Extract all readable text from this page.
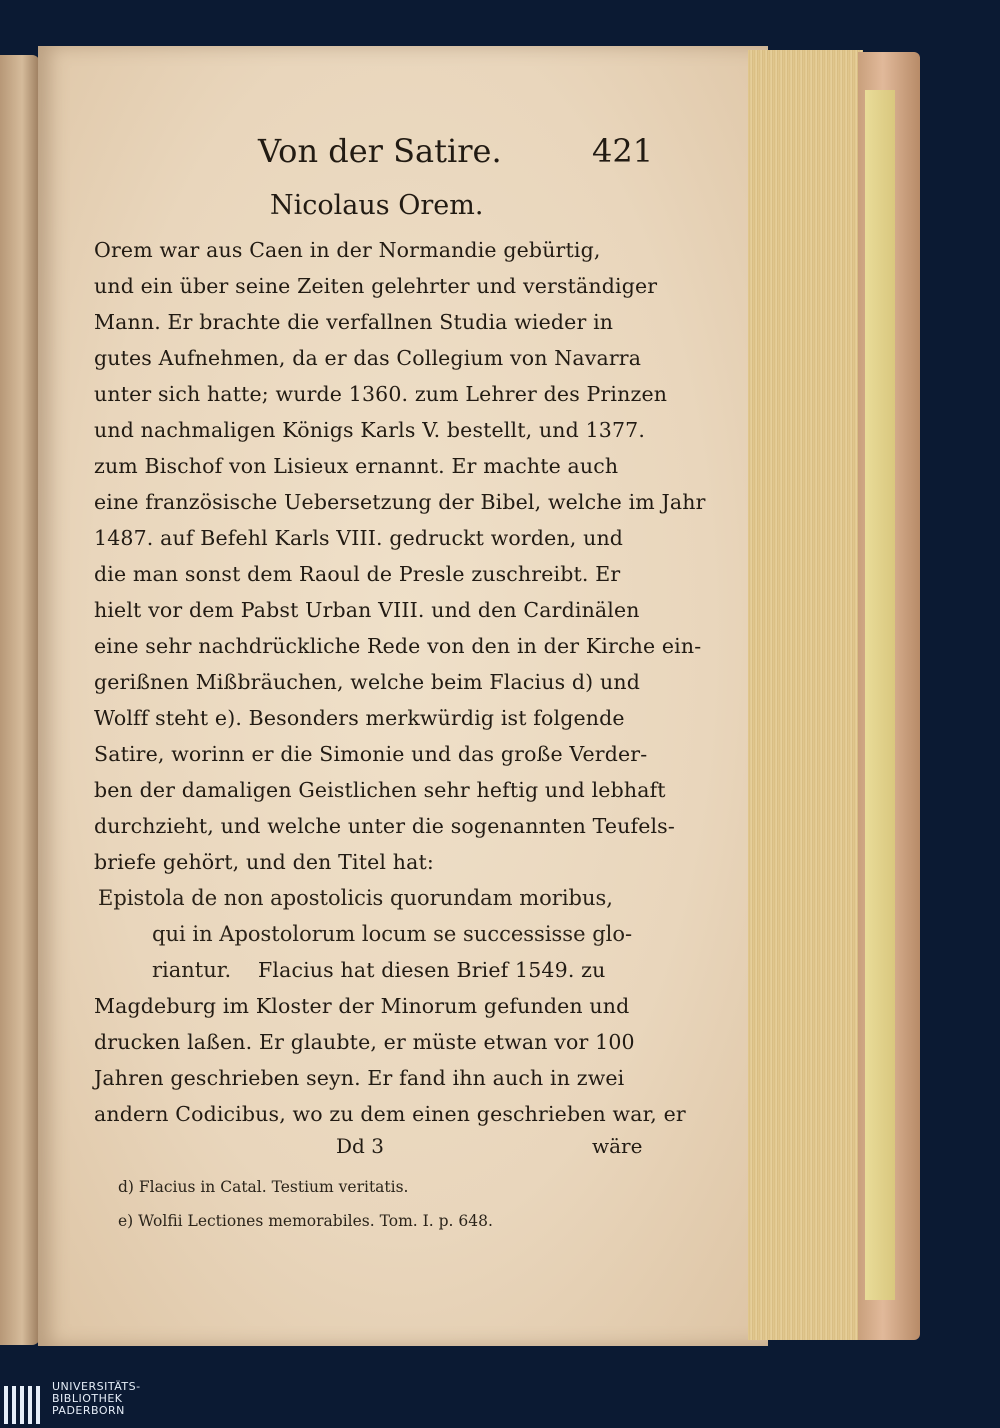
Von der Satire.	421
Nicolaus Orem.
Orem war aus Caen in der Normandie gebürtig,
und ein über seine Zeiten gelehrter und verständiger
Mann. Er brachte die verfallnen Studia wieder in
gutes Aufnehmen, da er das Collegium von Navarra
unter sich hatte; wurde 1360. zum Lehrer des Prinzen
und nachmaligen Königs Karls V. bestellt, und 1377.
zum Bischof von Lisieux ernannt. Er machte auch
eine französische Uebersetzung der Bibel, welche im Jahr
1487. auf Befehl Karls VIII. gedruckt worden, und
die man sonst dem Raoul de Presle zuschreibt. Er
hielt vor dem Pabst Urban VIII. und den Cardinälen
eine sehr nachdrückliche Rede von den in der Kirche ein-
gerißnen Mißbräuchen, welche beim Flacius d) und
Wolff steht e). Besonders merkwürdig ist folgende
Satire, worinn er die Simonie und das große Verder-
ben der damaligen Geistlichen sehr heftig und lebhaft
durchzieht, und welche unter die sogenannten Teufels-
briefe gehört, und den Titel hat:
Epistola de non apostolicis quorundam moribus,
qui in Apostolorum locum se successisse glo-
riantur. Flacius hat diesen Brief 1549. zu
Magdeburg im Kloster der Minorum gefunden und
drucken laßen. Er glaubte, er müste etwan vor 100
Jahren geschrieben seyn. Er fand ihn auch in zwei
andern Codicibus, wo zu dem einen geschrieben war, er
Dd 3	wäre
d) Flacius in Catal. Testium veritatis.
e) Wolfii Lectiones memorabiles. Tom. I. p. 648.
UNIVERSITÄTS-
BIBLIOTHEK
PADERBORN
